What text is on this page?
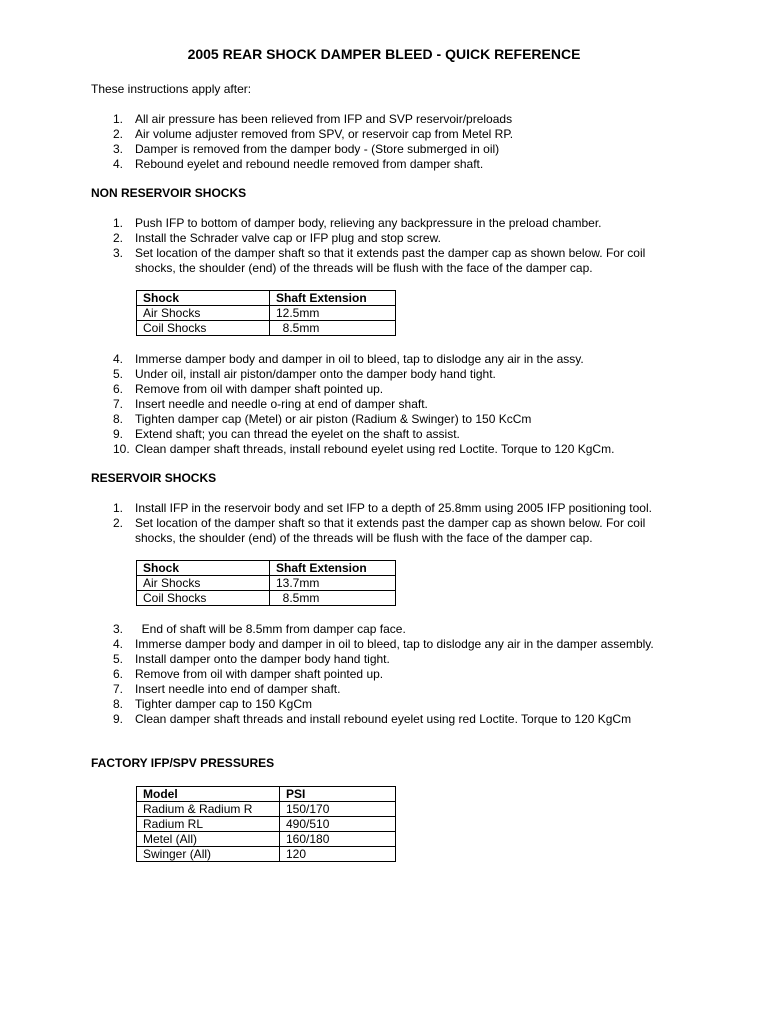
2005 REAR SHOCK DAMPER BLEED - QUICK REFERENCE
These instructions apply after:
1. All air pressure has been relieved from IFP and SVP reservoir/preloads
2. Air volume adjuster removed from SPV, or reservoir cap from Metel RP.
3. Damper is removed from the damper body - (Store submerged in oil)
4. Rebound eyelet and rebound needle removed from damper shaft.
NON RESERVOIR SHOCKS
1. Push IFP to bottom of damper body, relieving any backpressure in the preload chamber.
2. Install the Schrader valve cap or IFP plug and stop screw.
3. Set location of the damper shaft so that it extends past the damper cap as shown below. For coil shocks, the shoulder (end) of the threads will be flush with the face of the damper cap.
Shock	Shaft Extension
Air Shocks	12.5mm
Coil Shocks	8.5mm
4. Immerse damper body and damper in oil to bleed, tap to dislodge any air in the assy.
5. Under oil, install air piston/damper onto the damper body hand tight.
6. Remove from oil with damper shaft pointed up.
7. Insert needle and needle o-ring at end of damper shaft.
8. Tighten damper cap (Metel) or air piston (Radium & Swinger) to 150 KcCm
9. Extend shaft; you can thread the eyelet on the shaft to assist.
10. Clean damper shaft threads, install rebound eyelet using red Loctite. Torque to 120 KgCm.
RESERVOIR SHOCKS
1. Install IFP in the reservoir body and set IFP to a depth of 25.8mm using 2005 IFP positioning tool.
2. Set location of the damper shaft so that it extends past the damper cap as shown below. For coil shocks, the shoulder (end) of the threads will be flush with the face of the damper cap.
Shock	Shaft Extension
Air Shocks	13.7mm
Coil Shocks	8.5mm
3. End of shaft will be 8.5mm from damper cap face.
4. Immerse damper body and damper in oil to bleed, tap to dislodge any air in the damper assembly.
5. Install damper onto the damper body hand tight.
6. Remove from oil with damper shaft pointed up.
7. Insert needle into end of damper shaft.
8. Tighter damper cap to 150 KgCm
9. Clean damper shaft threads and install rebound eyelet using red Loctite. Torque to 120 KgCm
FACTORY IFP/SPV PRESSURES
Model	PSI
Radium & Radium R	150/170
Radium RL	490/510
Metel (All)	160/180
Swinger (All)	120
